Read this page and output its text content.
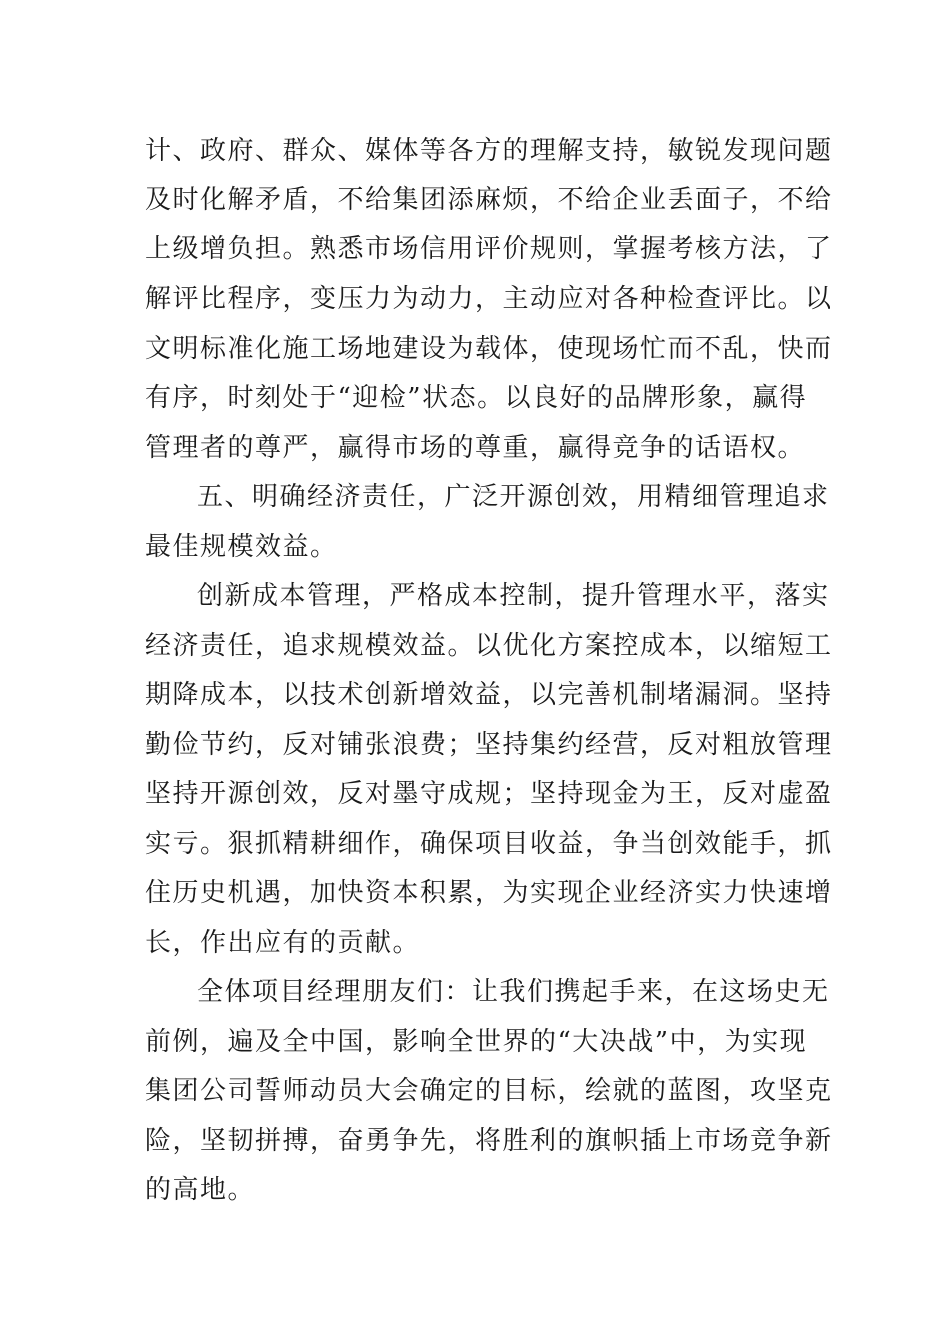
计、政府、群众、媒体等各方的理解支持，敏锐发现问题
及时化解矛盾，不给集团添麻烦，不给企业丢面子，不给
上级增负担。熟悉市场信用评价规则，掌握考核方法，了
解评比程序，变压力为动力，主动应对各种检查评比。以
文明标准化施工场地建设为载体，使现场忙而不乱，快而
有序，时刻处于“迎检”状态。以良好的品牌形象，赢得
管理者的尊严，赢得市场的尊重，赢得竞争的话语权。
五、明确经济责任，广泛开源创效，用精细管理追求
最佳规模效益。
创新成本管理，严格成本控制，提升管理水平，落实
经济责任，追求规模效益。以优化方案控成本，以缩短工
期降成本，以技术创新增效益，以完善机制堵漏洞。坚持
勤俭节约，反对铺张浪费；坚持集约经营，反对粗放管理
坚持开源创效，反对墨守成规；坚持现金为王，反对虚盈
实亏。狠抓精耕细作，确保项目收益，争当创效能手，抓
住历史机遇，加快资本积累，为实现企业经济实力快速增
长，作出应有的贡献。
全体项目经理朋友们：让我们携起手来，在这场史无
前例，遍及全中国，影响全世界的“大决战”中，为实现
集团公司誓师动员大会确定的目标，绘就的蓝图，攻坚克
险，坚韧拼搏，奋勇争先，将胜利的旗帜插上市场竞争新
的高地。
